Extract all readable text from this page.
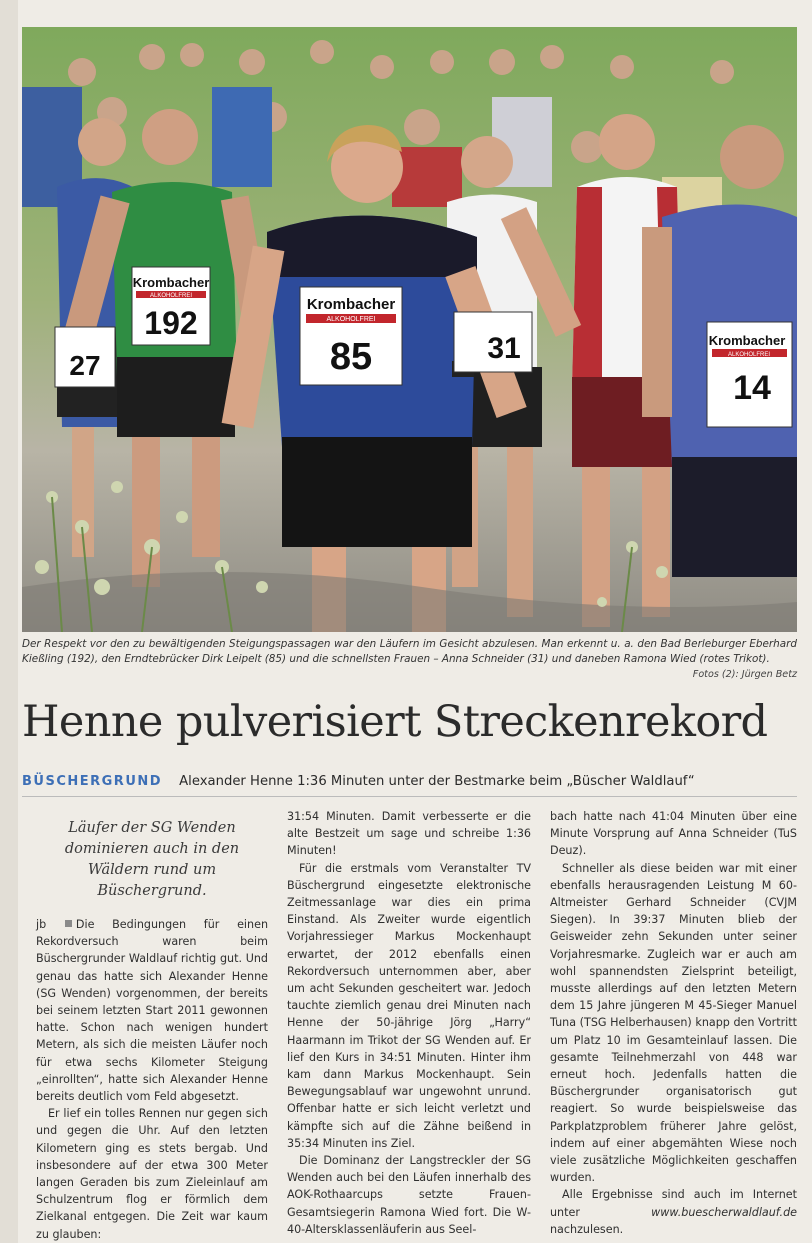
Krombacher
ALKOHOLFREI
192
Krombacher
ALKOHOLFREI
85
27
31	Krombacher
ALKOHOLFREI
14
Der Respekt vor den zu bewältigenden Steigungspassagen war den Läufern im Gesicht abzulesen. Man erkennt u. a. den Bad Berleburger Eberhard Kießling (192), den Erndtebrücker Dirk Leipelt (85) und die schnellsten Frauen – Anna Schneider (31) und daneben Ramona Wied (rotes Trikot).
Fotos (2): Jürgen Betz
Henne pulverisiert Streckenrekord
BÜSCHERGRUND Alexander Henne 1:36 Minuten unter der Bestmarke beim „Büscher Waldlauf“
Läufer der SG Wenden dominieren auch in den Wäldern rund um Büschergrund.

jb	Die Bedingungen für einen Rekordversuch waren beim Büschergrunder Waldlauf richtig gut. Und genau das hatte sich Alexander Henne (SG Wenden) vorgenommen, der bereits bei seinem letzten Start 2011 gewonnen hatte. Schon nach wenigen hundert Metern, als sich die meisten Läufer noch für etwa sechs Kilometer Steigung „einrollten“, hatte sich Alexander Henne bereits deutlich vom Feld abgesetzt.

Er lief ein tolles Rennen nur gegen sich und gegen die Uhr. Auf den letzten Kilometern ging es stets bergab. Und insbesondere auf der etwa 300 Meter langen Geraden bis zum Zieleinlauf am Schulzentrum flog er förmlich dem Zielkanal entgegen. Die Zeit war kaum zu glauben:

31:54 Minuten. Damit verbesserte er die alte Bestzeit um sage und schreibe 1:36 Minuten!

Für die erstmals vom Veranstalter TV Büschergrund eingesetzte elektronische Zeitmessanlage war dies ein prima Einstand. Als Zweiter wurde eigentlich Vorjahressieger Markus Mockenhaupt erwartet, der 2012 ebenfalls einen Rekordversuch unternommen aber, aber um acht Sekunden gescheitert war. Jedoch tauchte ziemlich genau drei Minuten nach Henne der 50-jährige Jörg „Harry“ Haarmann im Trikot der SG Wenden auf. Er lief den Kurs in 34:51 Minuten. Hinter ihm kam dann Markus Mockenhaupt. Sein Bewegungsablauf war ungewohnt unrund. Offenbar hatte er sich leicht verletzt und kämpfte sich auf die Zähne beißend in 35:34 Minuten ins Ziel.

Die Dominanz der Langstreckler der SG Wenden auch bei den Läufen innerhalb des AOK-Rothaarcups setzte Frauen-Gesamtsiegerin Ramona Wied fort. Die W-40-Altersklassenläuferin aus Seel-

bach hatte nach 41:04 Minuten über eine Minute Vorsprung auf Anna Schneider (TuS Deuz).

Schneller als diese beiden war mit einer ebenfalls herausragenden Leistung M 60-Altmeister Gerhard Schneider (CVJM Siegen). In 39:37 Minuten blieb der Geisweider zehn Sekunden unter seiner Vorjahresmarke. Zugleich war er auch am wohl spannendsten Zielsprint beteiligt, musste allerdings auf den letzten Metern dem 15 Jahre jüngeren M 45-Sieger Manuel Tuna (TSG Helberhausen) knapp den Vortritt um Platz 10 im Gesamteinlauf lassen. Die gesamte Teilnehmerzahl von 448 war erneut hoch. Jedenfalls hatten die Büschergrunder organisatorisch gut reagiert. So wurde beispielsweise das Parkplatzproblem früherer Jahre gelöst, indem auf einer abgemähten Wiese noch viele zusätzliche Möglichkeiten geschaffen wurden.

Alle Ergebnisse sind auch im Internet unter	www.buescherwaldlauf.de nachzulesen.
